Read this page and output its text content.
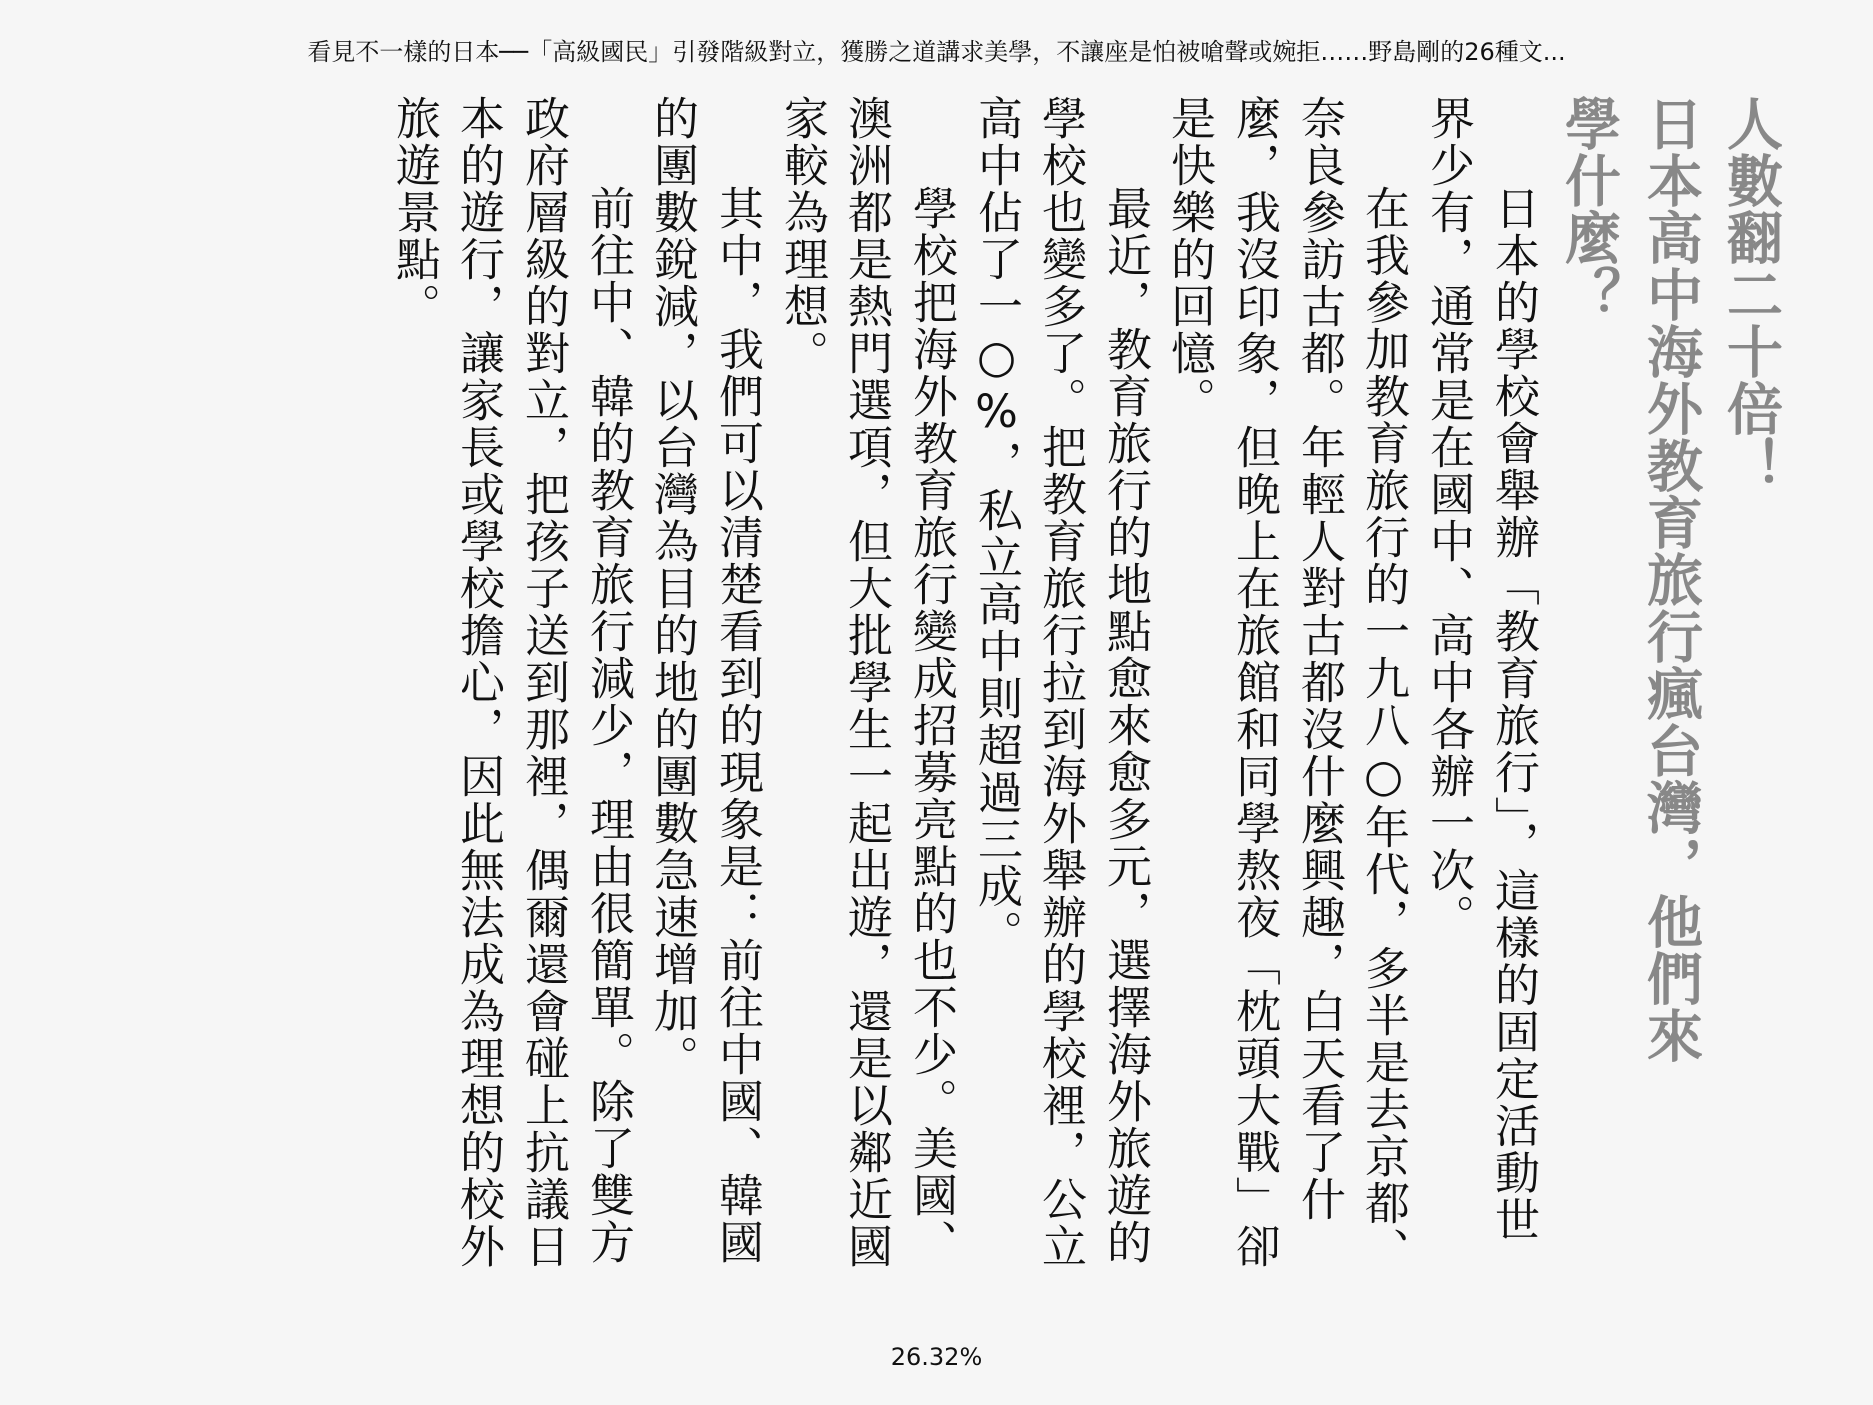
看見不一樣的日本──「高級國民」引發階級對立，獲勝之道講求美學，不讓座是怕被嗆聲或婉拒……野島剛的26種文...
人數翻二十倍！
日本高中海外教育旅行瘋台灣，他們來
學什麼？
日本的學校會舉辦「教育旅行」，這樣的固定活動世
界少有，通常是在國中、高中各辦一次。
在我參加教育旅行的一九八○年代，多半是去京都、
奈良參訪古都。年輕人對古都沒什麼興趣，白天看了什
麼，我沒印象，但晚上在旅館和同學熬夜「枕頭大戰」卻
是快樂的回憶。
最近，教育旅行的地點愈來愈多元，選擇海外旅遊的
學校也變多了。把教育旅行拉到海外舉辦的學校裡，公立
高中佔了一○%，私立高中則超過三成。
學校把海外教育旅行變成招募亮點的也不少。美國、
澳洲都是熱門選項，但大批學生一起出遊，還是以鄰近國
家較為理想。
其中，我們可以清楚看到的現象是：前往中國、韓國
的團數銳減，以台灣為目的地的團數急速增加。
前往中、韓的教育旅行減少，理由很簡單。除了雙方
政府層級的對立，把孩子送到那裡，偶爾還會碰上抗議日
本的遊行，讓家長或學校擔心，因此無法成為理想的校外
旅遊景點。
26.32%
